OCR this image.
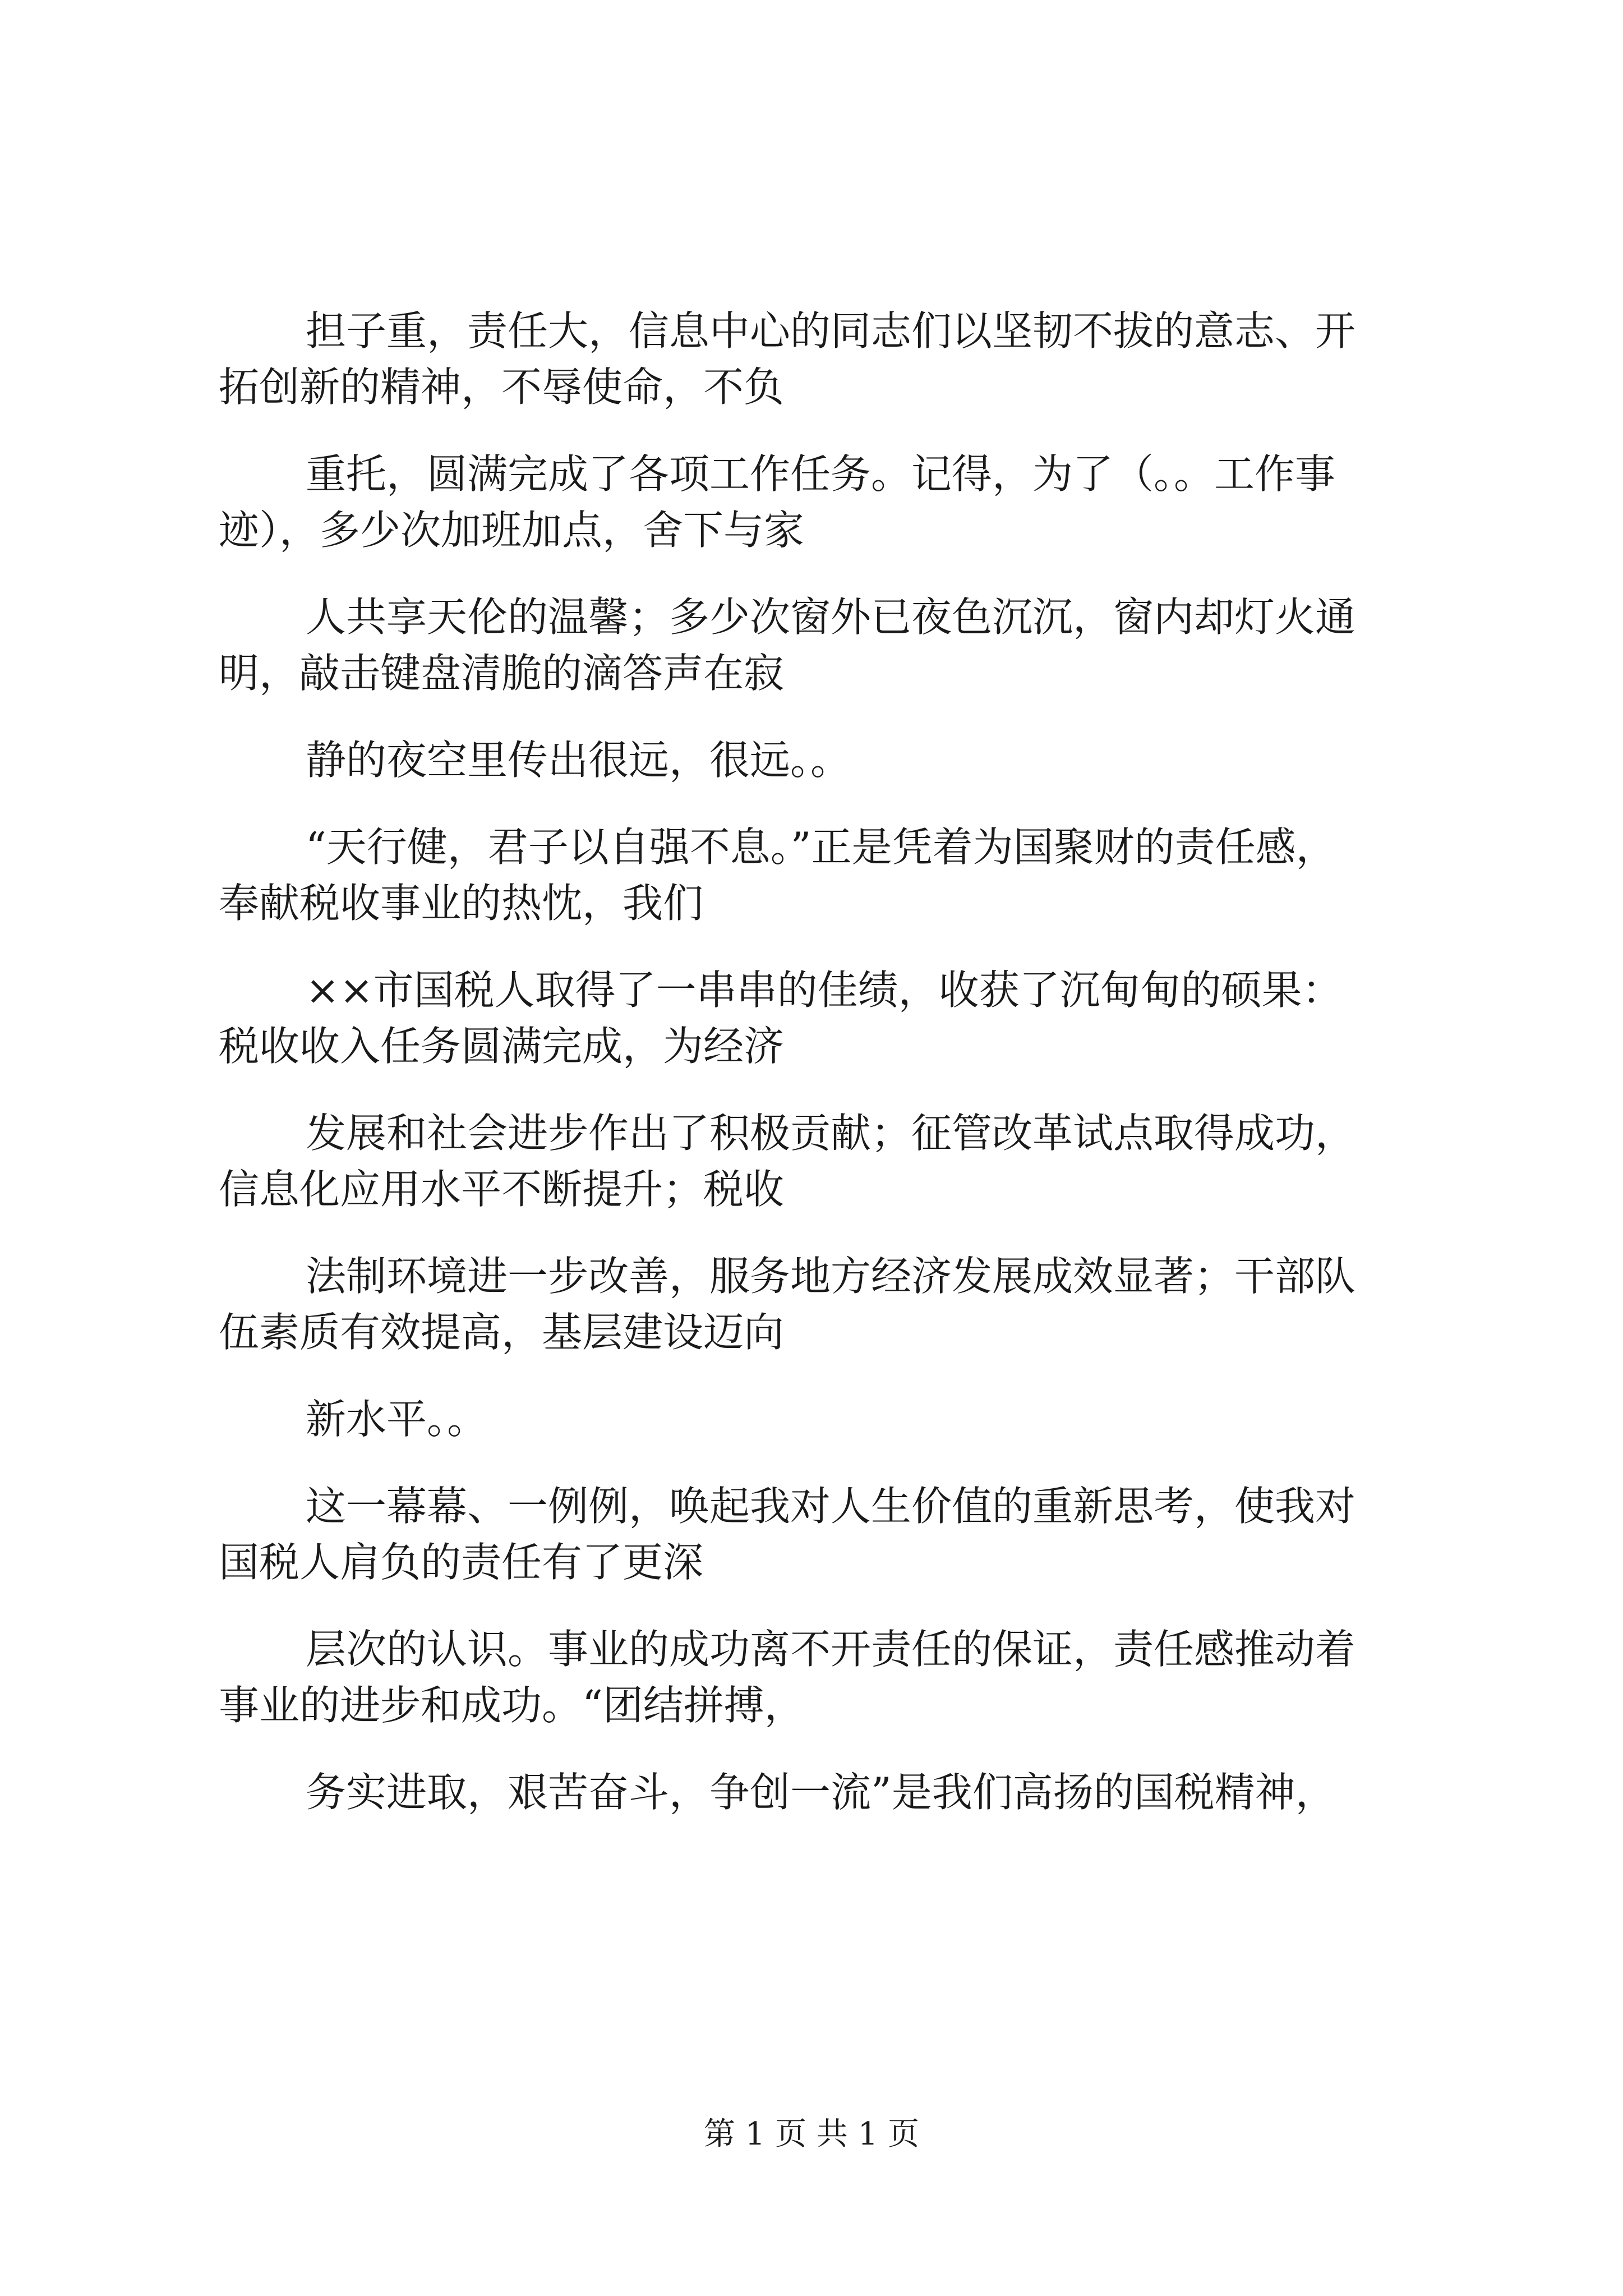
担子重，责任大，信息中心的同志们以坚韧不拔的意志、开
拓创新的精神，不辱使命，不负

重托，圆满完成了各项工作任务。记得，为了（。。工作事
迹），多少次加班加点，舍下与家

人共享天伦的温馨；多少次窗外已夜色沉沉，窗内却灯火通
明，敲击键盘清脆的滴答声在寂

静的夜空里传出很远，很远。。

“天行健，君子以自强不息。”正是凭着为国聚财的责任感，
奉献税收事业的热忱，我们

××市国税人取得了一串串的佳绩，收获了沉甸甸的硕果：
税收收入任务圆满完成，为经济

发展和社会进步作出了积极贡献；征管改革试点取得成功，
信息化应用水平不断提升；税收

法制环境进一步改善，服务地方经济发展成效显著；干部队
伍素质有效提高，基层建设迈向

新水平。。

这一幕幕、一例例，唤起我对人生价值的重新思考，使我对
国税人肩负的责任有了更深

层次的认识。事业的成功离不开责任的保证，责任感推动着
事业的进步和成功。“团结拼搏，

务实进取，艰苦奋斗，争创一流”是我们高扬的国税精神，

第 1 页 共 1 页
